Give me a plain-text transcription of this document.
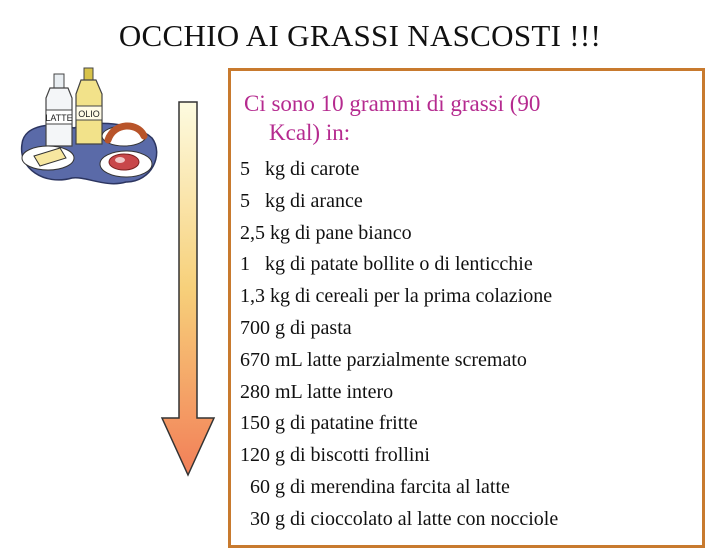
OCCHIO AI GRASSI NASCOSTI !!!
LATTE OLIO	Ci sono 10 grammi di grassi (90
Kcal) in:
5   kg di carote
5   kg di arance
2,5 kg di pane bianco
1   kg di patate bollite o di lenticchie
1,3 kg di cereali per la prima colazione
700 g di pasta
670 mL latte parzialmente scremato
280 mL latte intero
150 g di patatine fritte
120 g di biscotti frollini
60 g di merendina farcita al latte
30 g di cioccolato al latte con nocciole
